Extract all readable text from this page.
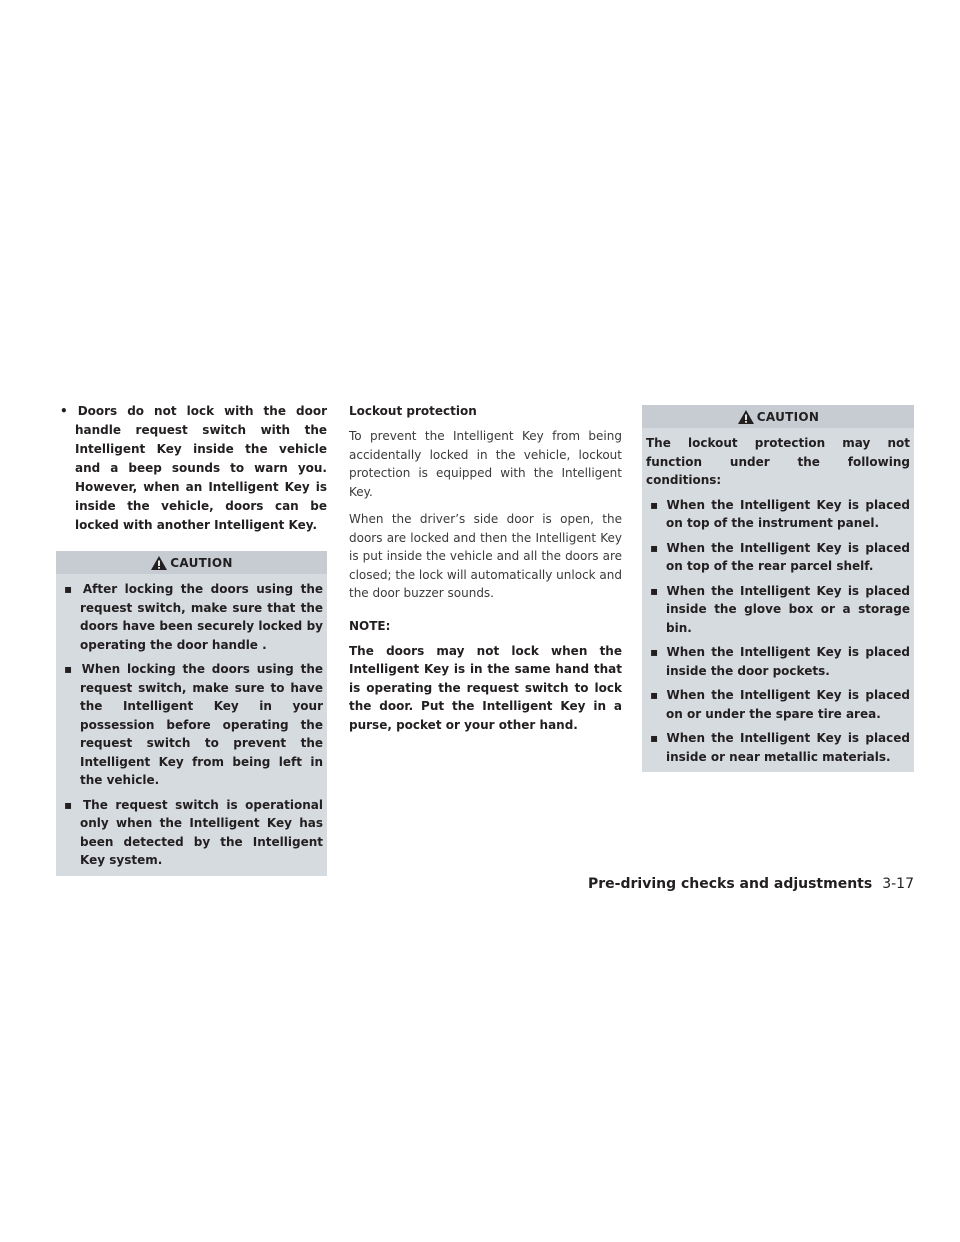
• Doors do not lock with the door handle request switch with the Intelligent Key inside the vehicle and a beep sounds to warn you. However, when an Intelligent Key is inside the vehicle, doors can be locked with another Intelligent Key.

CAUTION

▪ After locking the doors using the request switch, make sure that the doors have been securely locked by operating the door handle .

▪ When locking the doors using the request switch, make sure to have the Intelligent Key in your possession before operating the request switch to prevent the Intelligent Key from being left in the vehicle.

▪ The request switch is operational only when the Intelligent Key has been detected by the Intelligent Key system.

Lockout protection

To prevent the Intelligent Key from being accidentally locked in the vehicle, lockout protection is equipped with the Intelligent Key.

When the driver’s side door is open, the doors are locked and then the Intelligent Key is put inside the vehicle and all the doors are closed; the lock will automatically unlock and the door buzzer sounds.

NOTE:

The doors may not lock when the Intelligent Key is in the same hand that is operating the request switch to lock the door. Put the Intelligent Key in a purse, pocket or your other hand.

CAUTION

The lockout protection may not function under the following conditions:

▪ When the Intelligent Key is placed on top of the instrument panel.

▪ When the Intelligent Key is placed on top of the rear parcel shelf.

▪ When the Intelligent Key is placed inside the glove box or a storage bin.

▪ When the Intelligent Key is placed inside the door pockets.

▪ When the Intelligent Key is placed on or under the spare tire area.

▪ When the Intelligent Key is placed inside or near metallic materials.

Pre-driving checks and adjustments 3-17
